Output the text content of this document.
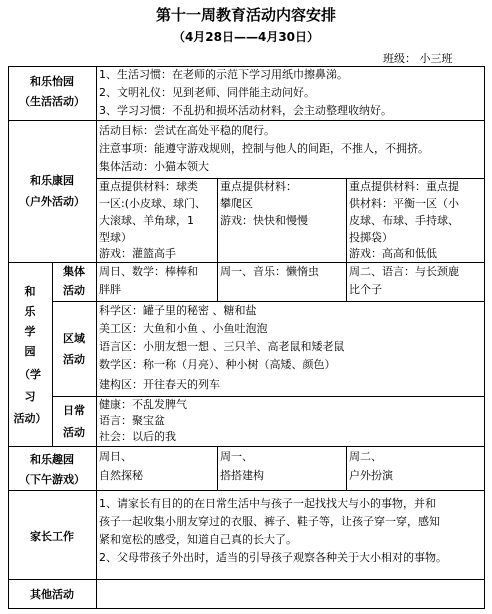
第十一周教育活动内容安排
（4月28日——4月30日）
班级： 小三班
和乐怡园
（生活活动）
1、生活习惯：在老师的示范下学习用纸巾擦鼻涕。
2、文明礼仪：见到老师、同伴能主动问好。
3、学习习惯：不乱扔和损坏活动材料，会主动整理收纳好。
和乐康园
（户外活动）
活动目标：尝试在高处平稳的爬行。
注意事项：能遵守游戏规则，控制与他人的间距，不推人，不拥挤。
集体活动：小猫本领大
重点提供材料：球类
一区:(小皮球、球门、
大滚球、羊角球，1
型球）
游戏：灌篮高手
重点提供材料：
攀爬区
游戏：快快和慢慢
重点提供材料：重点提
供材料：平衡一区（小
皮球、布球、手持球、
投掷袋）
游戏：高高和低低
和
乐
学
园
（学
习
活动）
集体
活动
周日、数学：棒棒和
胖胖
周一、音乐：懒惰虫	周二、语言：与长颈鹿
比个子
区域
活动
科学区：罐子里的秘密 、糖和盐
美工区：大鱼和小鱼 、小鱼吐泡泡
语言区：小朋友想一想 、三只羊、高老鼠和矮老鼠
数学区：称一称（月亮）、种小树（高矮、颜色）
建构区：开往春天的列车
日常
活动
健康：不乱发脾气
语言：聚宝盆
社会：以后的我
和乐趣园
（下午游戏）
周日、
自然探秘
周一、
搭搭建构
周二、
户外扮演
家长工作
1、请家长有目的的在日常生活中与孩子一起找找大与小的事物，并和
孩子一起收集小朋友穿过的衣服、裤子、鞋子等，让孩子穿一穿，感知
紧和宽松的感受，知道自己真的长大了。
2、父母带孩子外出时，适当的引导孩子观察各种关于大小相对的事物。
其他活动
